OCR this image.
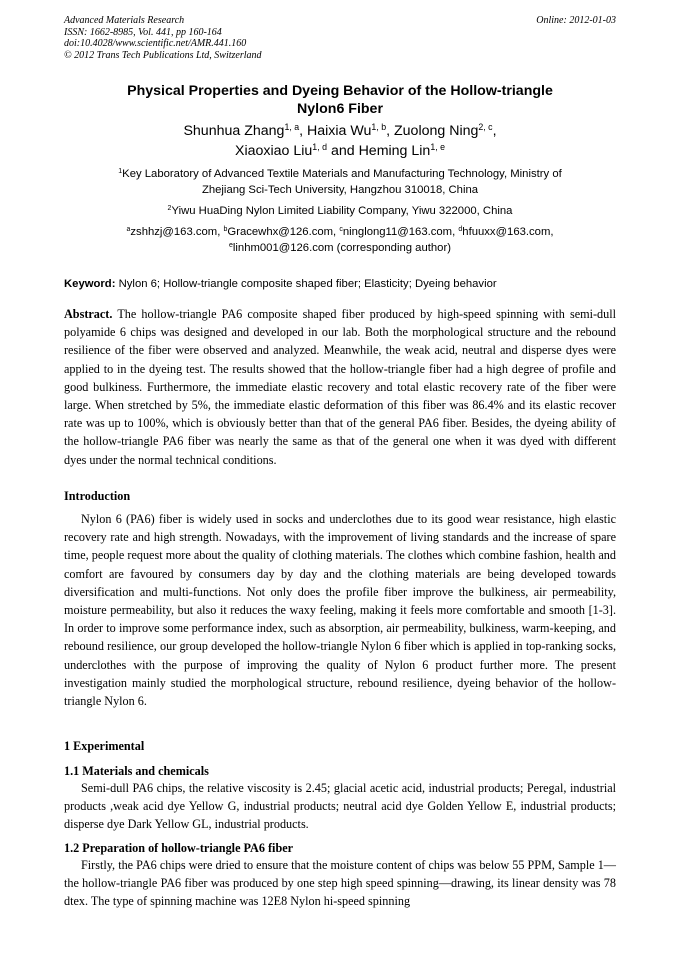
Advanced Materials Research
ISSN: 1662-8985, Vol. 441, pp 160-164
doi:10.4028/www.scientific.net/AMR.441.160
© 2012 Trans Tech Publications Ltd, Switzerland
Online: 2012-01-03
Physical Properties and Dyeing Behavior of the Hollow-triangle
Nylon6 Fiber
Shunhua Zhang$^{1, a}$, Haixia Wu$^{1, b}$, Zuolong Ning$^{2, c}$,
Xiaoxiao Liu$^{1, d}$ and Heming Lin$^{1, e}$
$^1$Key Laboratory of Advanced Textile Materials and Manufacturing Technology, Ministry of
Zhejiang Sci-Tech University, Hangzhou 310018, China
$^2$Yiwu HuaDing Nylon Limited Liability Company, Yiwu 322000, China
$^a$zshhzj@163.com, $^b$Gracewhx@126.com, $^c$ninglong11@163.com, $^d$hfuuxx@163.com,
$^e$linhm001@126.com (corresponding author)
Keyword: Nylon 6; Hollow-triangle composite shaped fiber; Elasticity; Dyeing behavior
Abstract. The hollow-triangle PA6 composite shaped fiber produced by high-speed spinning with semi-dull polyamide 6 chips was designed and developed in our lab. Both the morphological structure and the rebound resilience of the fiber were observed and analyzed. Meanwhile, the weak acid, neutral and disperse dyes were applied to in the dyeing test. The results showed that the hollow-triangle fiber had a high degree of profile and good bulkiness. Furthermore, the immediate elastic recovery and total elastic recovery rate of the fiber were large. When stretched by 5%, the immediate elastic deformation of this fiber was 86.4% and its elastic recover rate was up to 100%, which is obviously better than that of the general PA6 fiber. Besides, the dyeing ability of the hollow-triangle PA6 fiber was nearly the same as that of the general one when it was dyed with different dyes under the normal technical conditions.
Introduction
Nylon 6 (PA6) fiber is widely used in socks and underclothes due to its good wear resistance, high elastic recovery rate and high strength. Nowadays, with the improvement of living standards and the increase of spare time, people request more about the quality of clothing materials. The clothes which combine fashion, health and comfort are favoured by consumers day by day and the clothing materials are being developed towards diversification and multi-functions. Not only does the profile fiber improve the bulkiness, air permeability, moisture permeability, but also it reduces the waxy feeling, making it feels more comfortable and smooth [1-3]. In order to improve some performance index, such as absorption, air permeability, bulkiness, warm-keeping, and rebound resilience, our group developed the hollow-triangle Nylon 6 fiber which is applied in top-ranking socks, underclothes with the purpose of improving the quality of Nylon 6 product further more. The present investigation mainly studied the morphological structure, rebound resilience, dyeing behavior of the hollow-triangle Nylon 6.
1 Experimental
1.1 Materials and chemicals
Semi-dull PA6 chips, the relative viscosity is 2.45; glacial acetic acid, industrial products; Peregal, industrial products ,weak acid dye Yellow G, industrial products; neutral acid dye Golden Yellow E, industrial products; disperse dye Dark Yellow GL, industrial products.
1.2 Preparation of hollow-triangle PA6 fiber
Firstly, the PA6 chips were dried to ensure that the moisture content of chips was below 55 PPM, Sample 1—the hollow-triangle PA6 fiber was produced by one step high speed spinning—drawing, its linear density was 78 dtex. The type of spinning machine was 12E8 Nylon hi-speed spinning
